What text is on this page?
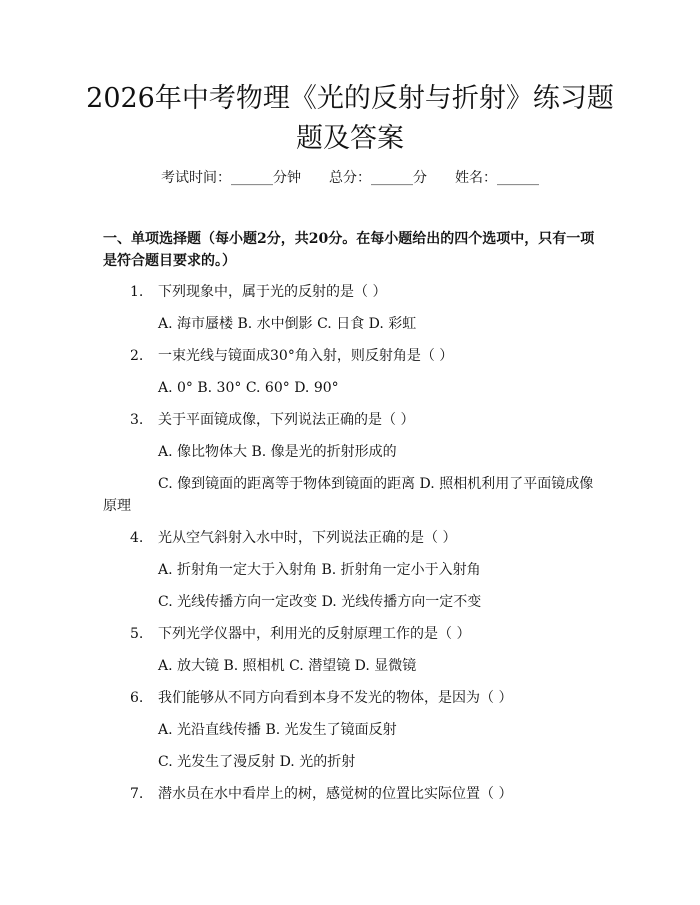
2026年中考物理《光的反射与折射》练习题
题及答案
考试时间：______分钟 总分：______分 姓名：______
一、单项选择题（每小题2分，共20分。在每小题给出的四个选项中，只有一项
是符合题目要求的。）
1. 下列现象中，属于光的反射的是（ ）
A. 海市蜃楼 B. 水中倒影 C. 日食 D. 彩虹
2. 一束光线与镜面成30°角入射，则反射角是（ ）
A. 0° B. 30° C. 60° D. 90°
3. 关于平面镜成像，下列说法正确的是（ ）
A. 像比物体大 B. 像是光的折射形成的
C. 像到镜面的距离等于物体到镜面的距离 D. 照相机利用了平面镜成像
原理
4. 光从空气斜射入水中时，下列说法正确的是（ ）
A. 折射角一定大于入射角 B. 折射角一定小于入射角
C. 光线传播方向一定改变 D. 光线传播方向一定不变
5. 下列光学仪器中，利用光的反射原理工作的是（ ）
A. 放大镜 B. 照相机 C. 潜望镜 D. 显微镜
6. 我们能够从不同方向看到本身不发光的物体，是因为（ ）
A. 光沿直线传播 B. 光发生了镜面反射
C. 光发生了漫反射 D. 光的折射
7. 潜水员在水中看岸上的树，感觉树的位置比实际位置（ ）
